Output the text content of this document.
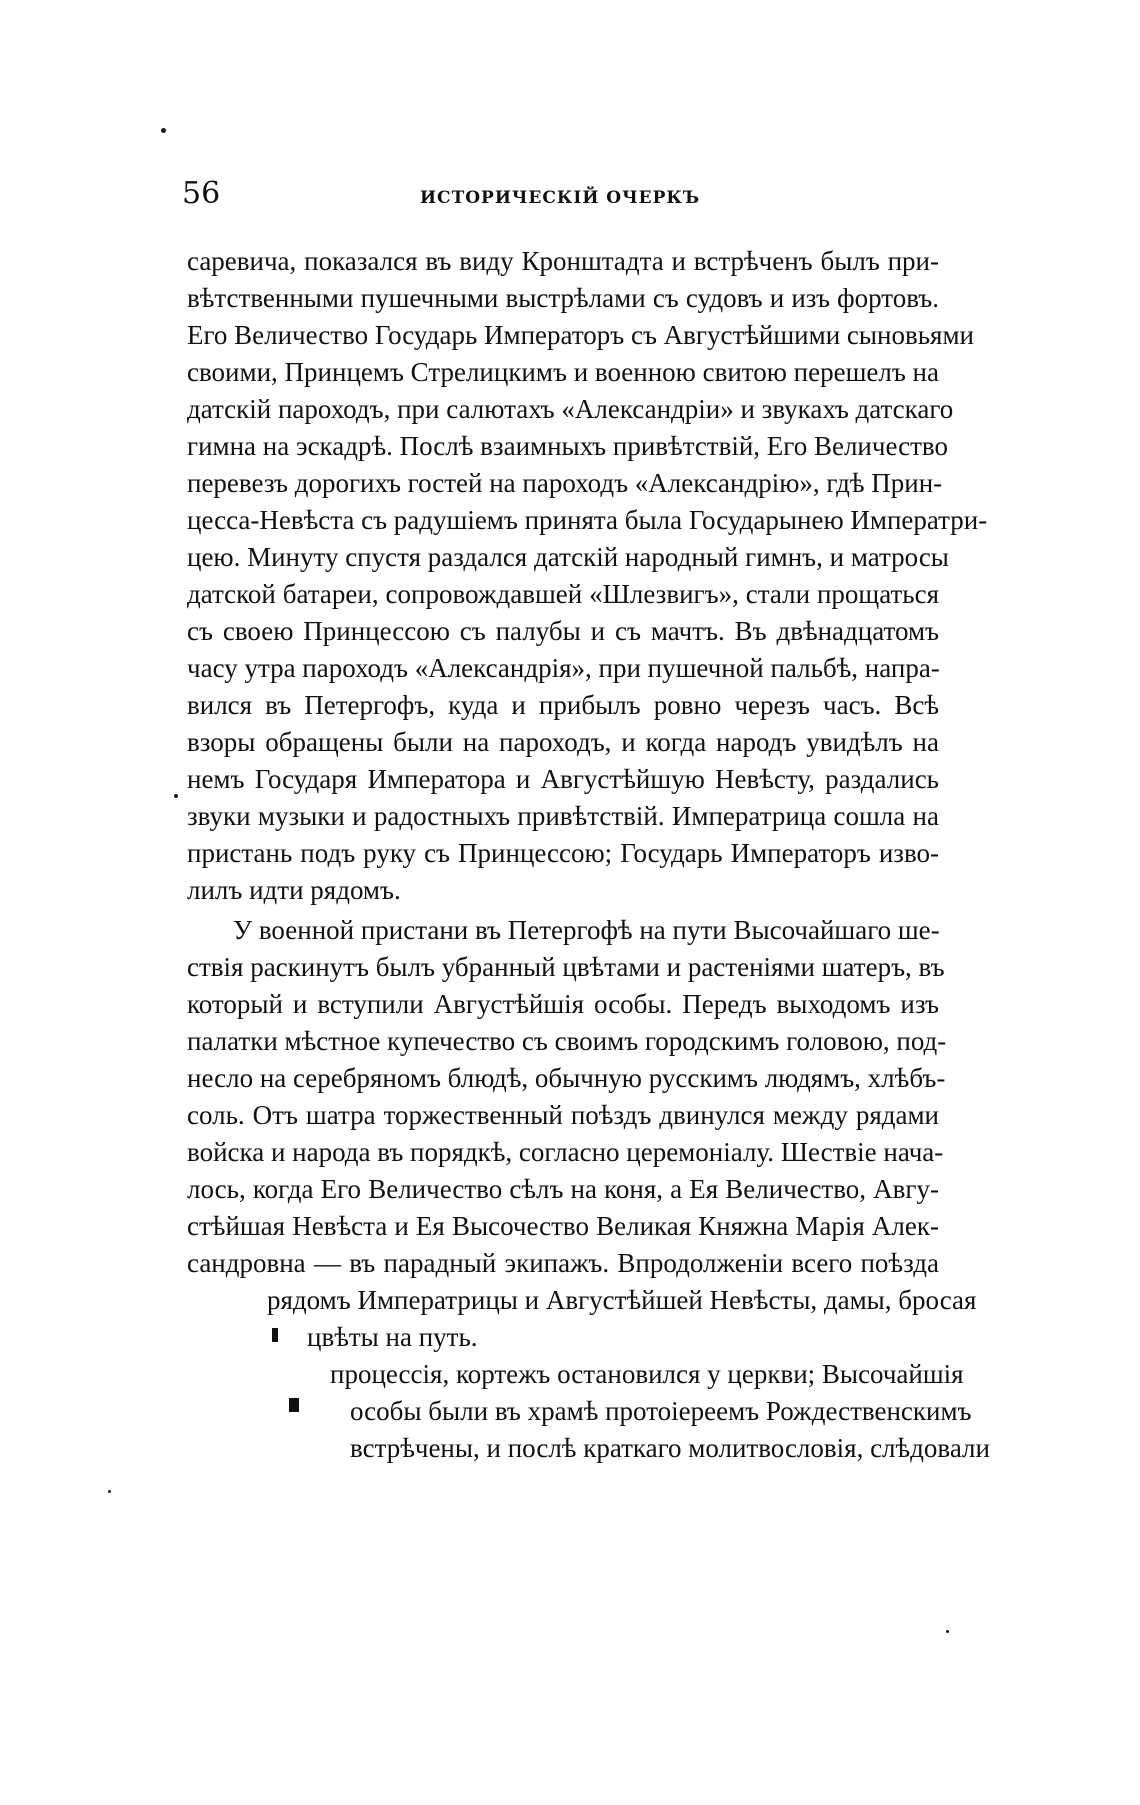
56	ИСТОРИЧЕСКІЙ ОЧЕРКЪ
саревича, показался въ виду Кронштадта и встрѣченъ былъ при-
вѣтственными пушечными выстрѣлами съ судовъ и изъ фортовъ.
Его Величество Государь Императоръ съ Августѣйшими сыновьями
своими, Принцемъ Стрелицкимъ и военною свитою перешелъ на
датскій пароходъ, при салютахъ «Александріи» и звукахъ датскаго
гимна на эскадрѣ. Послѣ взаимныхъ привѣтствій, Его Величество
перевезъ дорогихъ гостей на пароходъ «Александрію», гдѣ Прин-
цесса-Невѣста съ радушіемъ принята была Государынею Императри-
цею. Минуту спустя раздался датскій народный гимнъ, и матросы
датской батареи, сопровождавшей «Шлезвигъ», стали прощаться
съ своею Принцессою съ палубы и съ мачтъ. Въ двѣнадцатомъ
часу утра пароходъ «Александрія», при пушечной пальбѣ, напра-
вился въ Петергофъ, куда и прибылъ ровно черезъ часъ. Всѣ
взоры обращены были на пароходъ, и когда народъ увидѣлъ на
немъ Государя Императора и Августѣйшую Невѣсту, раздались
звуки музыки и радостныхъ привѣтствій. Императрица сошла на
пристань подъ руку съ Принцессою; Государь Императоръ изво-
лилъ идти рядомъ.
У военной пристани въ Петергофѣ на пути Высочайшаго ше-
ствія раскинутъ былъ убранный цвѣтами и растеніями шатеръ, въ
который и вступили Августѣйшія особы. Передъ выходомъ изъ
палатки мѣстное купечество съ своимъ городскимъ головою, под-
несло на серебряномъ блюдѣ, обычную русскимъ людямъ, хлѣбъ-
соль. Отъ шатра торжественный поѣздъ двинулся между рядами
войска и народа въ порядкѣ, согласно церемоніалу. Шествіе нача-
лось, когда Его Величество сѣлъ на коня, а Ея Величество, Авгу-
стѣйшая Невѣста и Ея Высочество Великая Княжна Марія Алек-
сандровна — въ парадный экипажъ. Впродолженіи всего поѣзда
рядомъ Императрицы и Августѣйшей Невѣсты, дамы, бросая
цвѣты на путь.
процессія, кортежъ остановился у церкви; Высочайшія
особы были въ храмѣ протоіереемъ Рождественскимъ
встрѣчены, и послѣ краткаго молитвословія, слѣдовали
